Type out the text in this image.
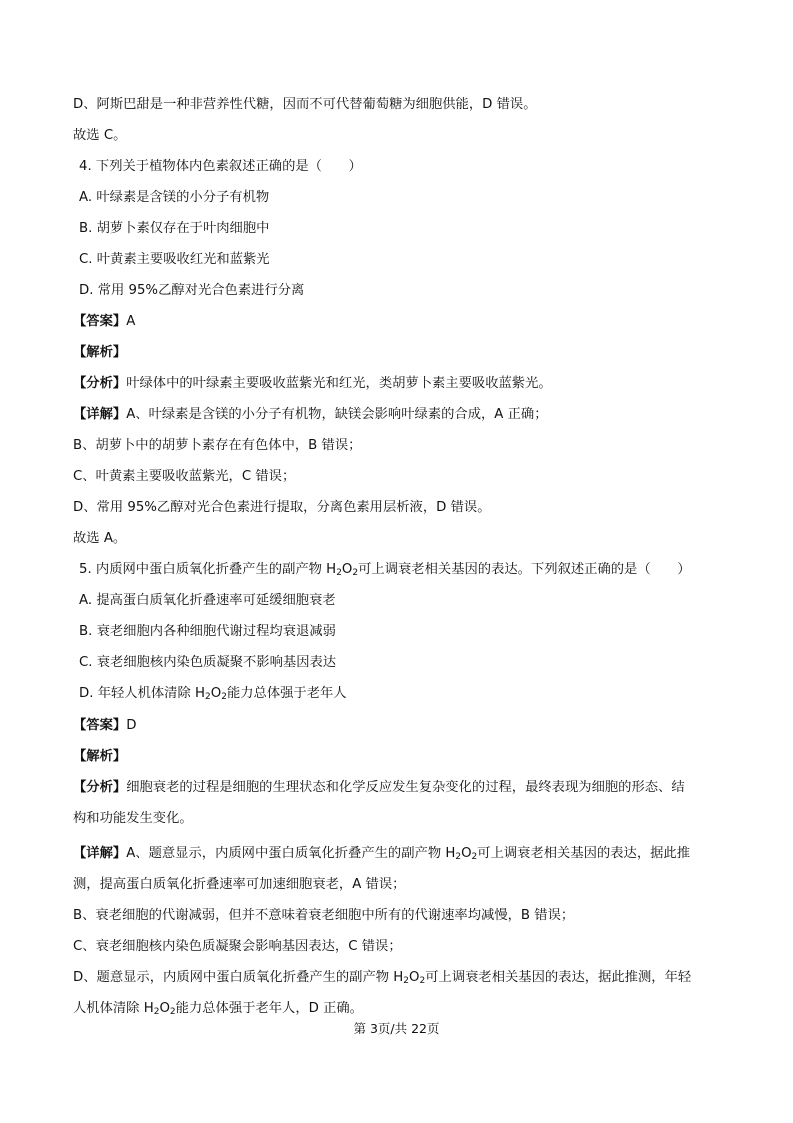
D、阿斯巴甜是一种非营养性代糖，因而不可代替葡萄糖为细胞供能，D 错误。
故选 C。
4. 下列关于植物体内色素叙述正确的是（　　）
A. 叶绿素是含镁的小分子有机物
B. 胡萝卜素仅存在于叶肉细胞中
C. 叶黄素主要吸收红光和蓝紫光
D. 常用 95%乙醇对光合色素进行分离
【答案】A
【解析】
【分析】叶绿体中的叶绿素主要吸收蓝紫光和红光，类胡萝卜素主要吸收蓝紫光。
【详解】A、叶绿素是含镁的小分子有机物，缺镁会影响叶绿素的合成，A 正确；
B、胡萝卜中的胡萝卜素存在有色体中，B 错误；
C、叶黄素主要吸收蓝紫光，C 错误；
D、常用 95%乙醇对光合色素进行提取，分离色素用层析液，D 错误。
故选 A。
5. 内质网中蛋白质氧化折叠产生的副产物 $H_2O_2$可上调衰老相关基因的表达。下列叙述正确的是（　　）
A. 提高蛋白质氧化折叠速率可延缓细胞衰老
B. 衰老细胞内各种细胞代谢过程均衰退减弱
C. 衰老细胞核内染色质凝聚不影响基因表达
D. 年轻人机体清除 $H_2O_2$能力总体强于老年人
【答案】D
【解析】
【分析】细胞衰老的过程是细胞的生理状态和化学反应发生复杂变化的过程，最终表现为细胞的形态、结
构和功能发生变化。
【详解】A、题意显示，内质网中蛋白质氧化折叠产生的副产物 $H_2O_2$可上调衰老相关基因的表达，据此推
测，提高蛋白质氧化折叠速率可加速细胞衰老，A 错误；
B、衰老细胞的代谢减弱，但并不意味着衰老细胞中所有的代谢速率均减慢，B 错误；
C、衰老细胞核内染色质凝聚会影响基因表达，C 错误；
D、题意显示，内质网中蛋白质氧化折叠产生的副产物 $H_2O_2$可上调衰老相关基因的表达，据此推测，年轻
人机体清除 $H_2O_2$能力总体强于老年人，D 正确。
第 3页/共 22页
